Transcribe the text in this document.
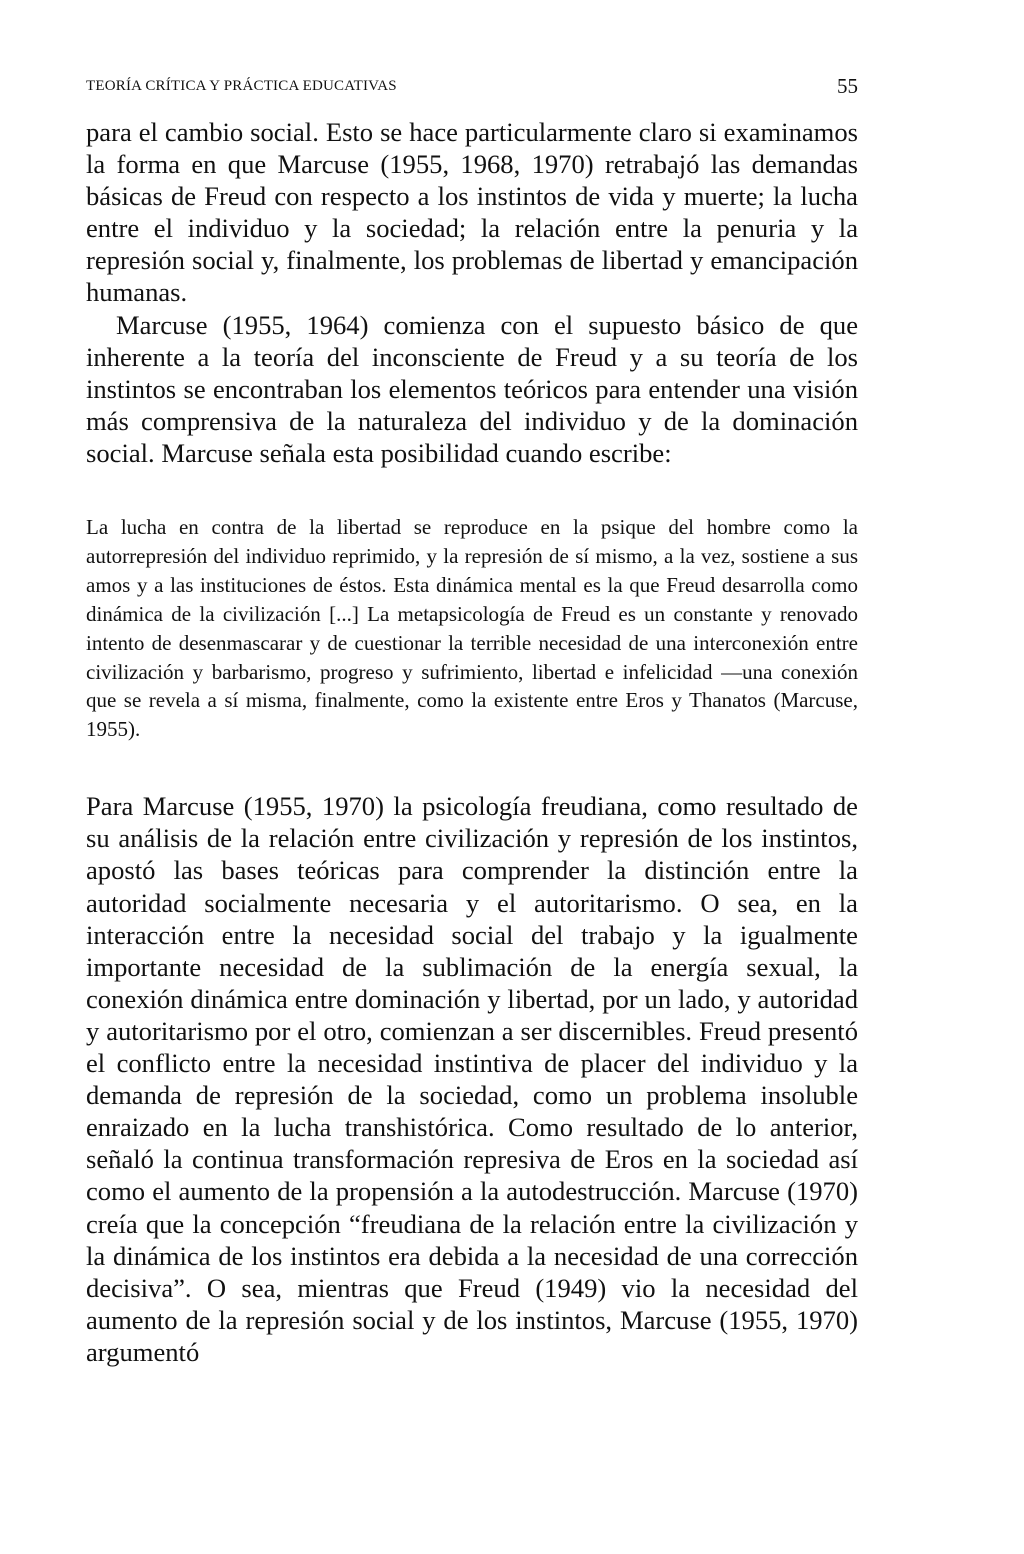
TEORÍA CRÍTICA Y PRÁCTICA EDUCATIVAS	55

para el cambio social. Esto se hace particularmente claro si examinamos la forma en que Marcuse (1955, 1968, 1970) retrabajó las demandas básicas de Freud con respecto a los instintos de vida y muerte; la lucha entre el individuo y la sociedad; la relación entre la penuria y la represión social y, finalmente, los problemas de libertad y emancipación humanas.

Marcuse (1955, 1964) comienza con el supuesto básico de que inherente a la teoría del inconsciente de Freud y a su teoría de los instintos se encontraban los elementos teóricos para entender una visión más comprensiva de la naturaleza del individuo y de la dominación social. Marcuse señala esta posibilidad cuando escribe:

La lucha en contra de la libertad se reproduce en la psique del hombre como la autorrepresión del individuo reprimido, y la represión de sí mismo, a la vez, sostiene a sus amos y a las instituciones de éstos. Esta dinámica mental es la que Freud desarrolla como dinámica de la civilización [...] La metapsicología de Freud es un constante y renovado intento de desenmascarar y de cuestionar la terrible necesidad de una interconexión entre civilización y barbarismo, progreso y sufrimiento, libertad e infelicidad —una conexión que se revela a sí misma, finalmente, como la existente entre Eros y Thanatos (Marcuse, 1955).

Para Marcuse (1955, 1970) la psicología freudiana, como resultado de su análisis de la relación entre civilización y represión de los instintos, apostó las bases teóricas para comprender la distinción entre la autoridad socialmente necesaria y el autoritarismo. O sea, en la interacción entre la necesidad social del trabajo y la igualmente importante necesidad de la sublimación de la energía sexual, la conexión dinámica entre dominación y libertad, por un lado, y autoridad y autoritarismo por el otro, comienzan a ser discernibles. Freud presentó el conflicto entre la necesidad instintiva de placer del individuo y la demanda de represión de la sociedad, como un problema insoluble enraizado en la lucha transhistórica. Como resultado de lo anterior, señaló la continua transformación represiva de Eros en la sociedad así como el aumento de la propensión a la autodestrucción. Marcuse (1970) creía que la concepción “freudiana de la relación entre la civilización y la dinámica de los instintos era debida a la necesidad de una corrección decisiva”. O sea, mientras que Freud (1949) vio la necesidad del aumento de la represión social y de los instintos, Marcuse (1955, 1970) argumentó
